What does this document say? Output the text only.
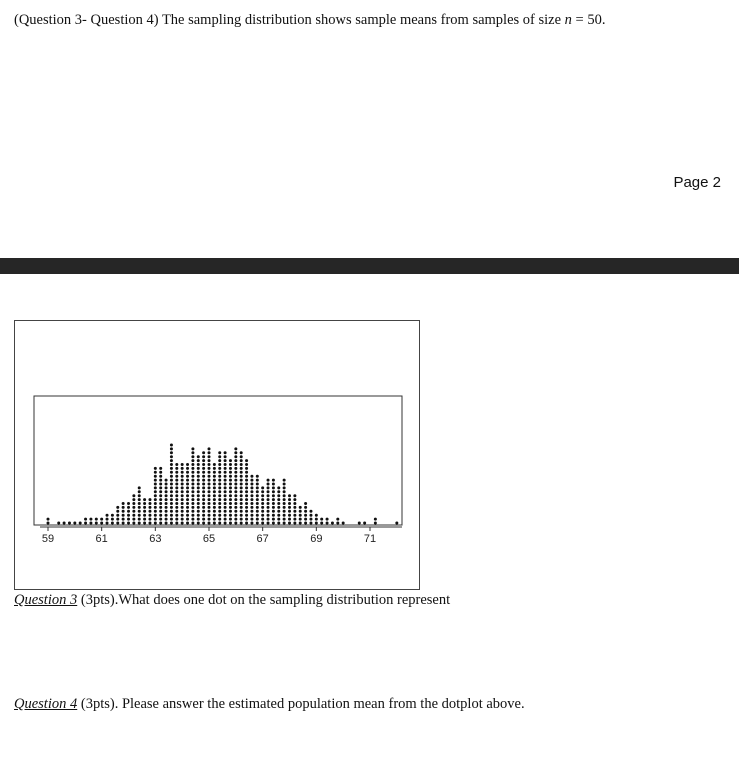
(Question 3- Question 4) The sampling distribution shows sample means from samples of size n = 50.
Page 2
59	61	63	65	67	69	71
Question 3 (3pts).What does one dot on the sampling distribution represent
Question 4 (3pts). Please answer the estimated population mean from the dotplot above.
